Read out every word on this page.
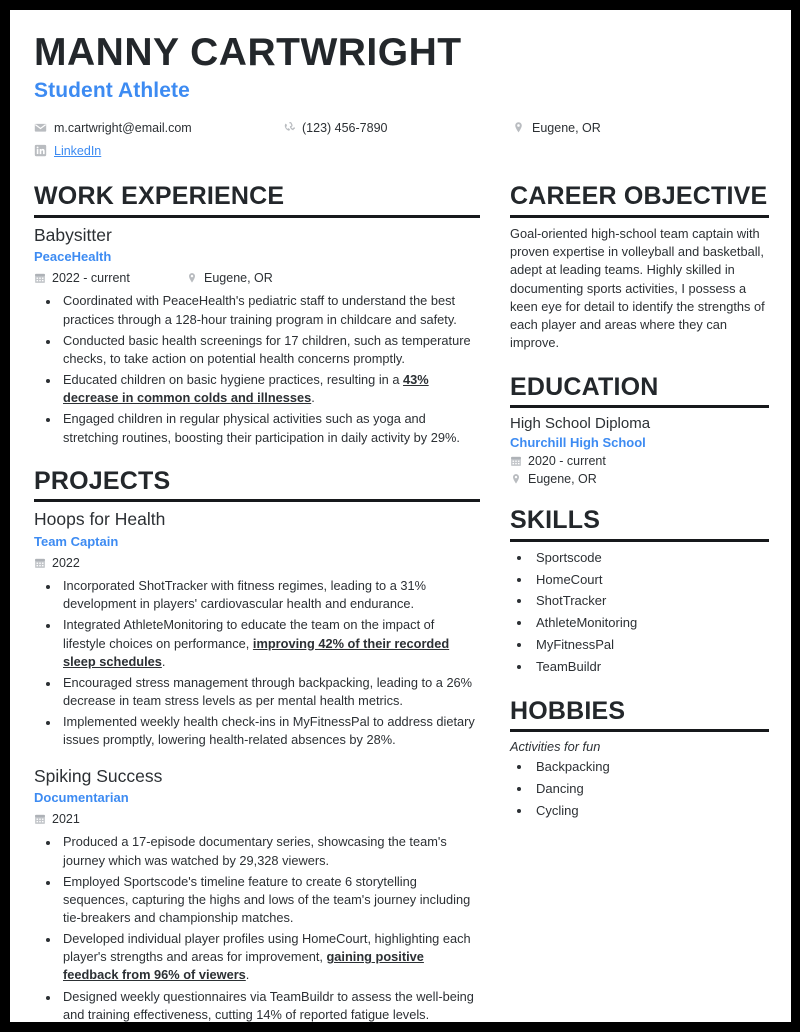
MANNY CARTWRIGHT
Student Athlete
m.cartwright@email.com	(123) 456-7890	Eugene, OR
LinkedIn
WORK EXPERIENCE
Babysitter
PeaceHealth
2022 - current	Eugene, OR
• Coordinated with PeaceHealth's pediatric staff to understand the best practices through a 128-hour training program in childcare and safety.
• Conducted basic health screenings for 17 children, such as temperature checks, to take action on potential health concerns promptly.
• Educated children on basic hygiene practices, resulting in a 43% decrease in common colds and illnesses.
• Engaged children in regular physical activities such as yoga and stretching routines, boosting their participation in daily activity by 29%.
PROJECTS
Hoops for Health
Team Captain
2022
• Incorporated ShotTracker with fitness regimes, leading to a 31% development in players' cardiovascular health and endurance.
• Integrated AthleteMonitoring to educate the team on the impact of lifestyle choices on performance, improving 42% of their recorded sleep schedules.
• Encouraged stress management through backpacking, leading to a 26% decrease in team stress levels as per mental health metrics.
• Implemented weekly health check-ins in MyFitnessPal to address dietary issues promptly, lowering health-related absences by 28%.
Spiking Success
Documentarian
2021
• Produced a 17-episode documentary series, showcasing the team's journey which was watched by 29,328 viewers.
• Employed Sportscode's timeline feature to create 6 storytelling sequences, capturing the highs and lows of the team's journey including tie-breakers and championship matches.
• Developed individual player profiles using HomeCourt, highlighting each player's strengths and areas for improvement, gaining positive feedback from 96% of viewers.
• Designed weekly questionnaires via TeamBuildr to assess the well-being and training effectiveness, cutting 14% of reported fatigue levels.
CAREER OBJECTIVE
Goal-oriented high-school team captain with proven expertise in volleyball and basketball, adept at leading teams. Highly skilled in documenting sports activities, I possess a keen eye for detail to identify the strengths of each player and areas where they can improve.
EDUCATION
High School Diploma
Churchill High School
2020 - current
Eugene, OR
SKILLS
• Sportscode
• HomeCourt
• ShotTracker
• AthleteMonitoring
• MyFitnessPal
• TeamBuildr
HOBBIES
Activities for fun
• Backpacking
• Dancing
• Cycling
